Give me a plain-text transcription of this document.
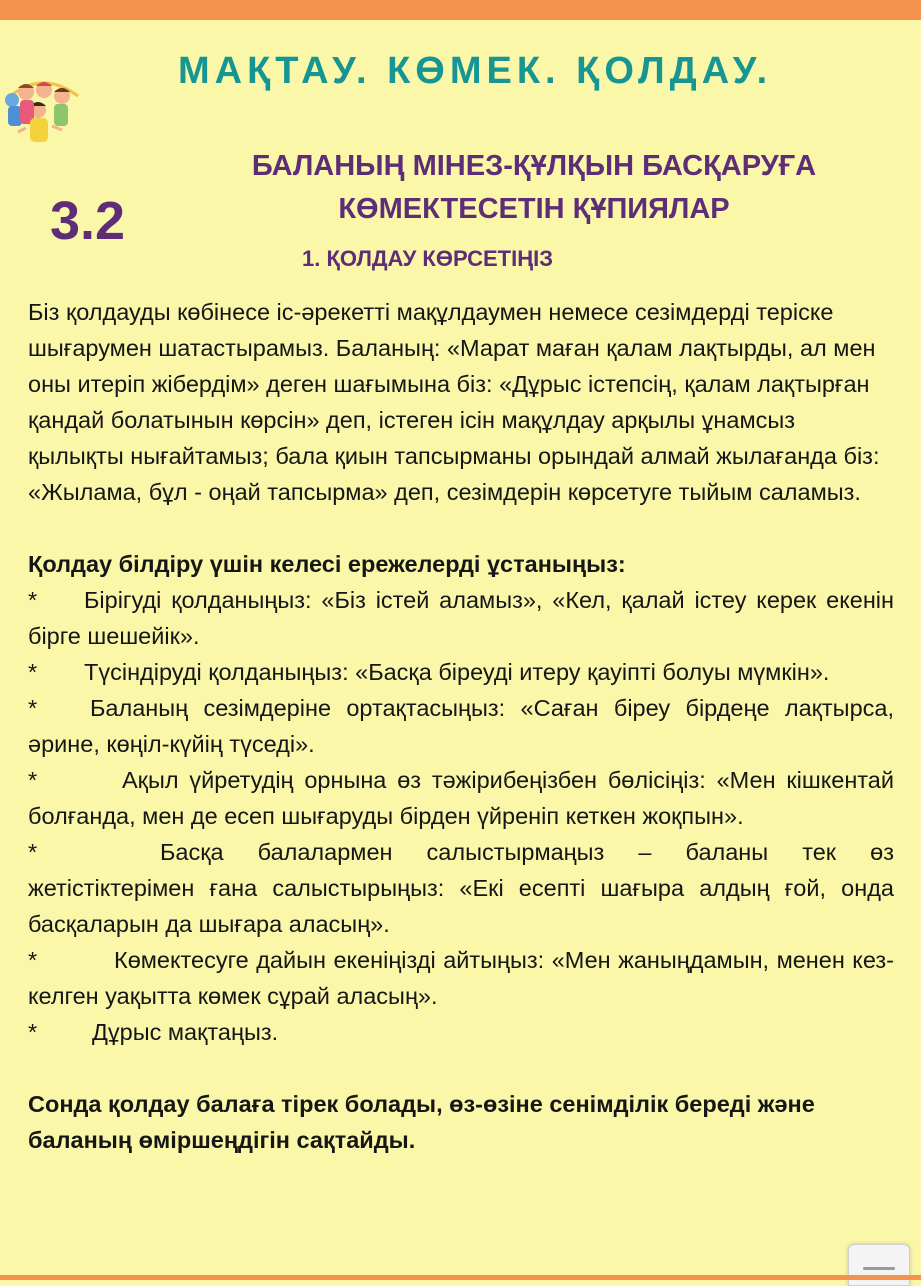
МАҚТАУ. КӨМЕК. ҚОЛДАУ.
3.2
БАЛАНЫҢ МІНЕЗ-ҚҰЛҚЫН БАСҚАРУҒА
КӨМЕКТЕСЕТІН ҚҰПИЯЛАР
1. ҚОЛДАУ КӨРСЕТІҢІЗ

Біз қолдауды көбінесе іс-әрекетті мақұлдаумен немесе сезімдерді теріске шығарумен шатастырамыз. Баланың: «Марат маған қалам лақтырды, ал мен оны итеріп жібердім» деген шағымына біз: «Дұрыс істепсің, қалам лақтырған қандай болатынын көрсін» деп, істеген ісін мақұлдау арқылы ұнамсыз қылықты нығайтамыз; бала қиын тапсырманы орындай алмай жылағанда біз: «Жылама, бұл - оңай тапсырма» деп, сезімдерін көрсетуге тыйым саламыз.

Қолдау білдіру үшін келесі ережелерді ұстаныңыз:

* Бірігуді қолданыңыз: «Біз істей аламыз», «Кел, қалай істеу керек екенін бірге шешейік».

* Түсіндіруді қолданыңыз: «Басқа біреуді итеру қауіпті болуы мүмкін».

* Баланың сезімдеріне ортақтасыңыз: «Саған біреу бірдеңе лақтырса, әрине, көңіл-күйің түседі».

*	Ақыл үйретудің орнына өз тәжірибеңізбен бөлісіңіз: «Мен кішкентай болғанда, мен де есеп шығаруды бірден үйреніп кеткен жоқпын».

*	Басқа балалармен салыстырмаңыз – баланы тек өз жетістіктерімен ғана салыстырыңыз: «Екі есепті шағыра алдың ғой, онда басқаларын да шығара аласың».

*	Көмектесуге дайын екеніңізді айтыңыз: «Мен жаныңдамын, менен кез-келген уақытта көмек сұрай аласың».

* Дұрыс мақтаңыз.

Сонда қолдау балаға тірек болады, өз-өзіне сенімділік береді және баланың өміршеңдігін сақтайды.
